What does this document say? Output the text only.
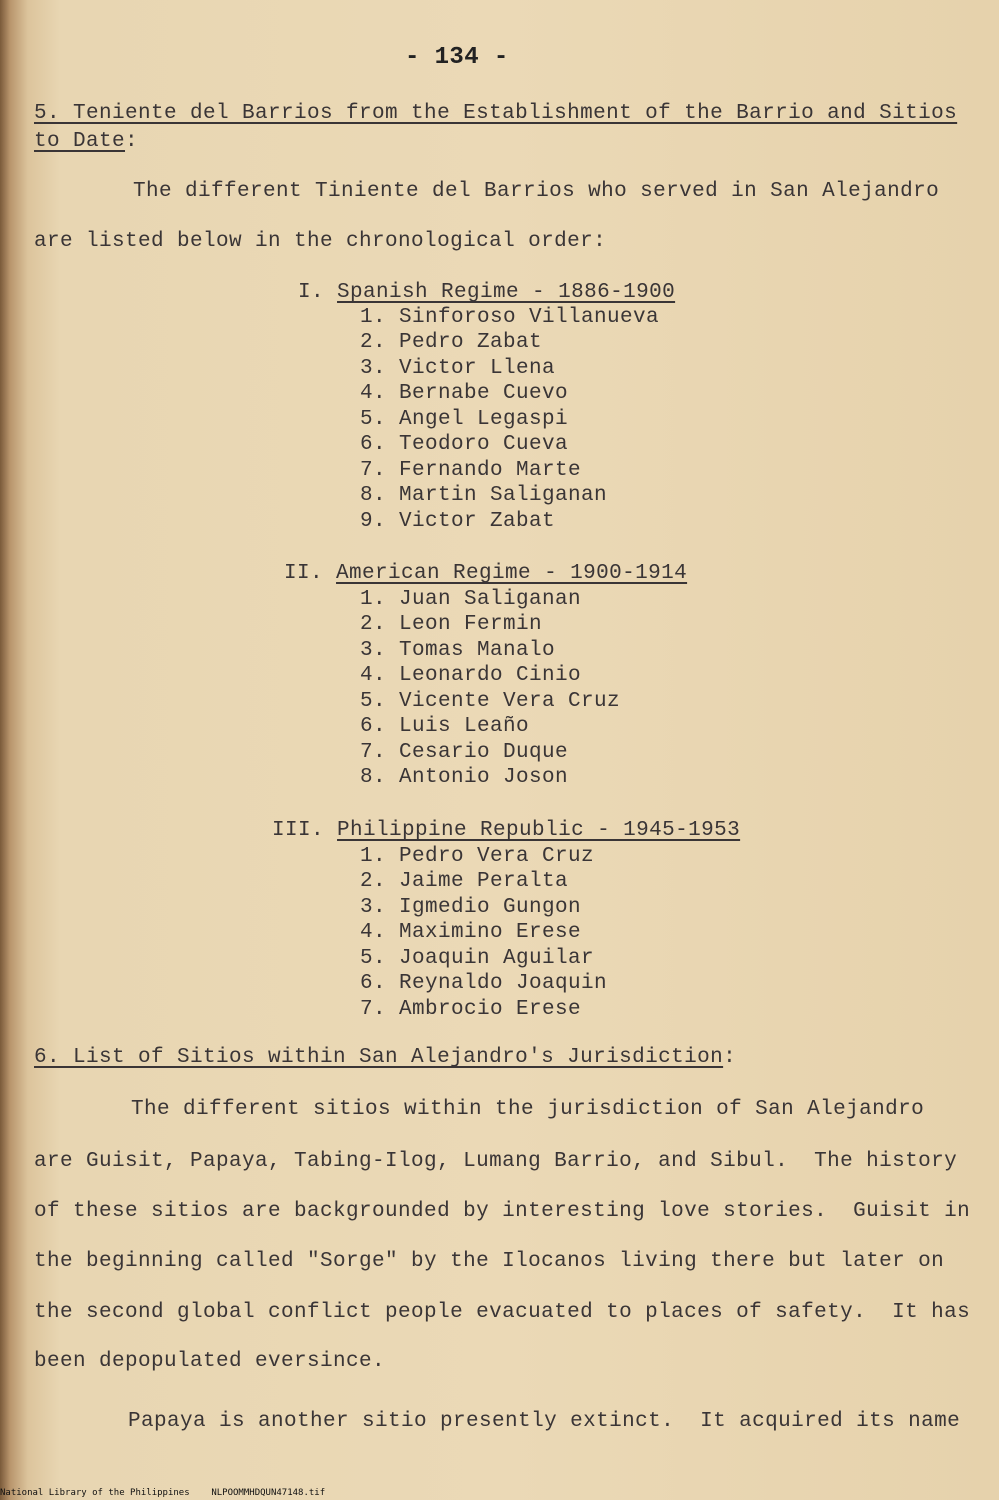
- 134 -
5. Teniente del Barrios from the Establishment of the Barrio and Sitios
to Date:
The different Tiniente del Barrios who served in San Alejandro
are listed below in the chronological order:
I. Spanish Regime - 1886-1900
1. Sinforoso Villanueva
2. Pedro Zabat
3. Victor Llena
4. Bernabe Cuevo
5. Angel Legaspi
6. Teodoro Cueva
7. Fernando Marte
8. Martin Saliganan
9. Victor Zabat
II. American Regime - 1900-1914
1. Juan Saliganan
2. Leon Fermin
3. Tomas Manalo
4. Leonardo Cinio
5. Vicente Vera Cruz
6. Luis Leaño
7. Cesario Duque
8. Antonio Joson
III. Philippine Republic - 1945-1953
1. Pedro Vera Cruz
2. Jaime Peralta
3. Igmedio Gungon
4. Maximino Erese
5. Joaquin Aguilar
6. Reynaldo Joaquin
7. Ambrocio Erese
6. List of Sitios within San Alejandro's Jurisdiction:
The different sitios within the jurisdiction of San Alejandro
are Guisit, Papaya, Tabing-Ilog, Lumang Barrio, and Sibul.  The history
of these sitios are backgrounded by interesting love stories.  Guisit in
the beginning called "Sorge" by the Ilocanos living there but later on
the second global conflict people evacuated to places of safety.  It has
been depopulated eversince.
Papaya is another sitio presently extinct.  It acquired its name
National Library of the Philippines NLPOOMMHDQUN47148.tif
